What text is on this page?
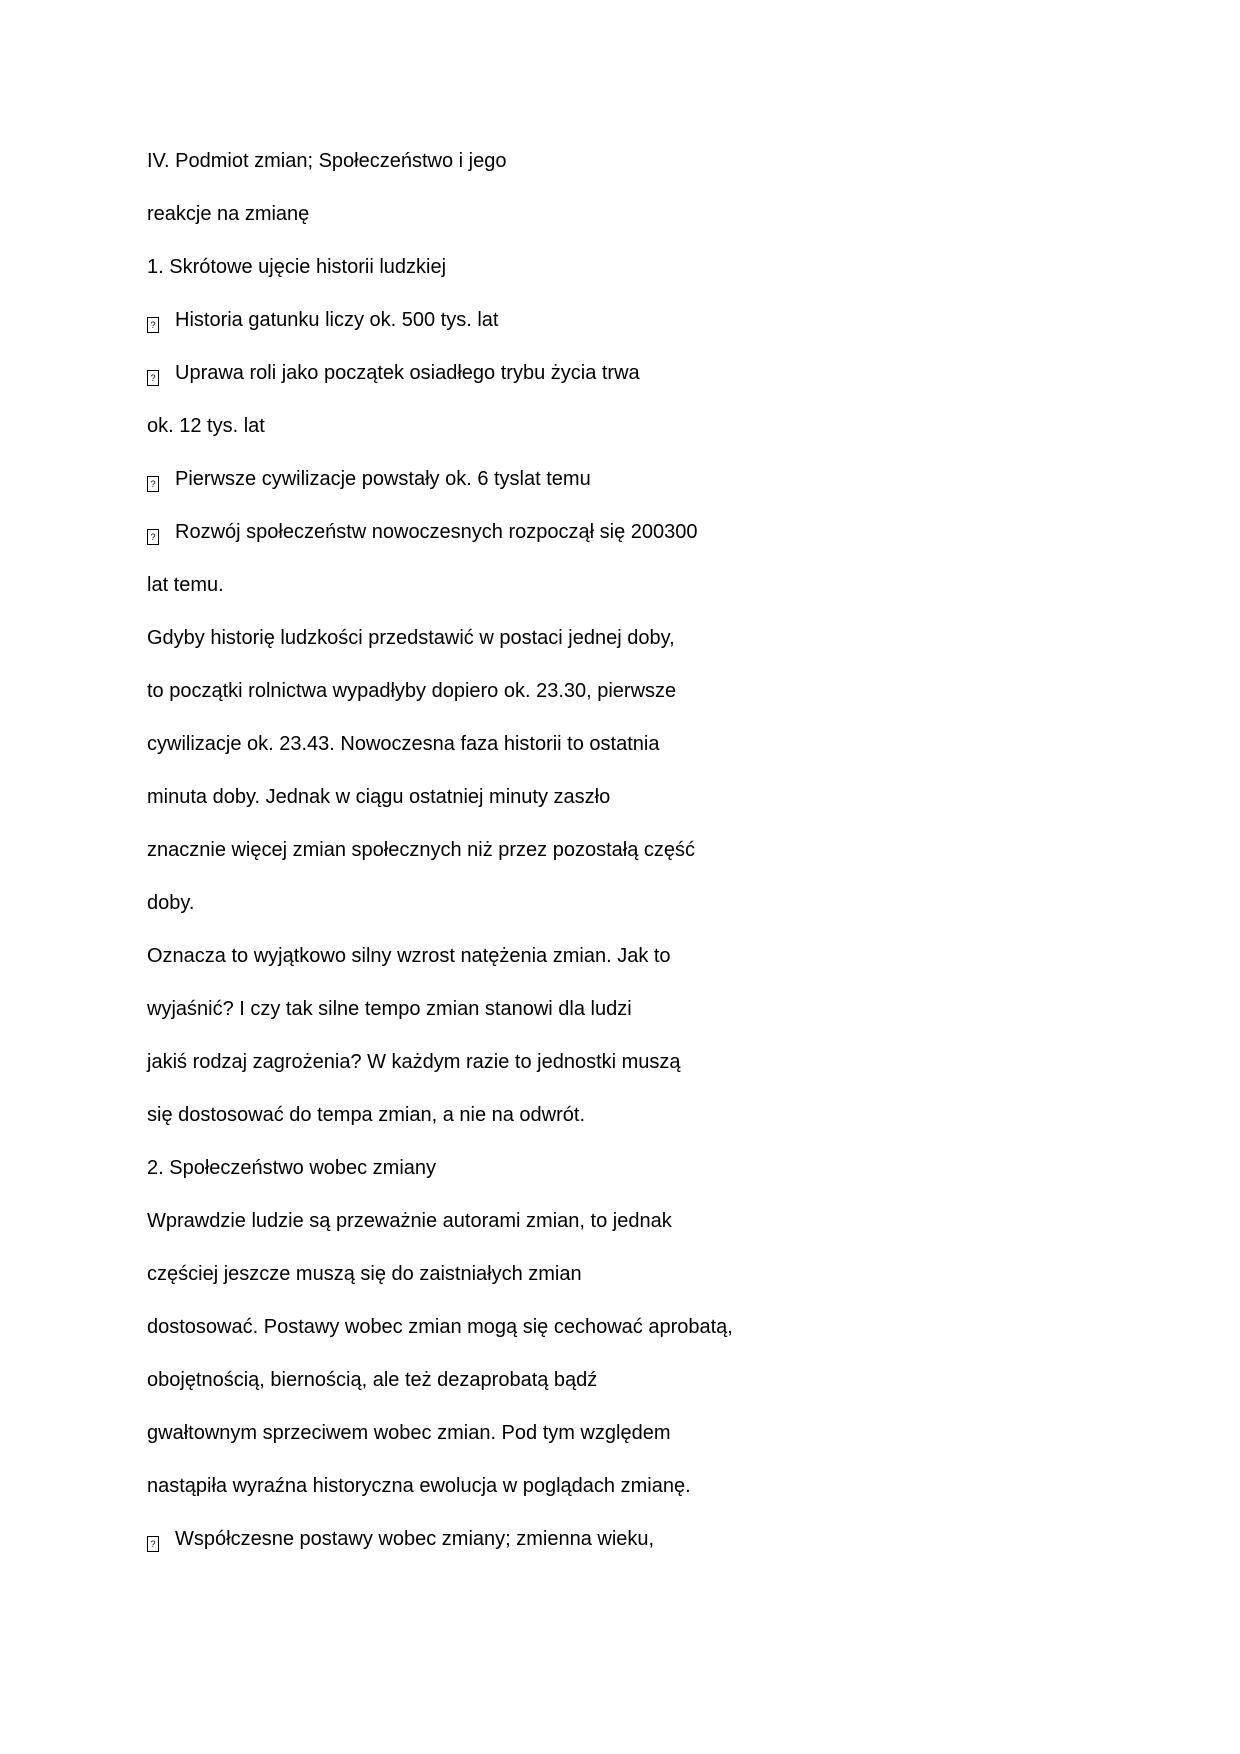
IV. Podmiot zmian; Społeczeństwo i jego
reakcje na zmianę
1. Skrótowe ujęcie historii ludzkiej
? Historia gatunku liczy ok. 500 tys. lat
? Uprawa roli jako początek osiadłego trybu życia trwa
ok. 12 tys. lat
? Pierwsze cywilizacje powstały ok. 6 tyslat temu
? Rozwój społeczeństw nowoczesnych rozpoczął się 200300
lat temu.
Gdyby historię ludzkości przedstawić w postaci jednej doby,
to początki rolnictwa wypadłyby dopiero ok. 23.30, pierwsze
cywilizacje ok. 23.43. Nowoczesna faza historii to ostatnia
minuta doby. Jednak w ciągu ostatniej minuty zaszło
znacznie więcej zmian społecznych niż przez pozostałą część
doby.
Oznacza to wyjątkowo silny wzrost natężenia zmian. Jak to
wyjaśnić? I czy tak silne tempo zmian stanowi dla ludzi
jakiś rodzaj zagrożenia? W każdym razie to jednostki muszą
się dostosować do tempa zmian, a nie na odwrót.
2. Społeczeństwo wobec zmiany
Wprawdzie ludzie są przeważnie autorami zmian, to jednak
częściej jeszcze muszą się do zaistniałych zmian
dostosować. Postawy wobec zmian mogą się cechować aprobatą,
obojętnością, biernością, ale też dezaprobatą bądź
gwałtownym sprzeciwem wobec zmian. Pod tym względem
nastąpiła wyraźna historyczna ewolucja w poglądach zmianę.
? Współczesne postawy wobec zmiany; zmienna wieku,
